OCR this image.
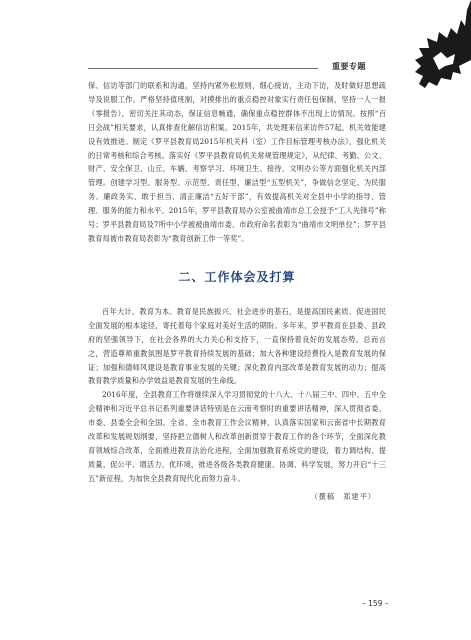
重要专题

保、信访等部门的联系和沟通，坚持内紧外松原则，细心接访，主动下访，及时做好思想疏导及说服工作。严格坚持值班制，对摸排出的重点稳控对象实行责任包保制，坚持一人一报（零报告），密切关注其动态，保证信息畅通，确保重点稳控群体不出现上访情况。按照“百日会战”相关要求，认真排查化解信访积案。2015年，共处理来信来访件57起，机关效能建设有效推进。制定《罗平县教育局2015年机关科（室）工作目标管理考核办法》，强化机关的日常考核和综合考核。落实好《罗平县教育局机关常规管理规定》，从纪律、考勤、公文、财产、安全保卫、山丘、车辆、考察学习、环境卫生、接待、文明办公等方面强化机关内部管理。创建学习型、服务型、示范型、责任型、廉洁型“五型机关”，争做信念坚定、为民服务、廉政务实、敢于担当、清正廉洁“五好干部”，有效提高机关对全县中小学的指导、管理、服务的能力和水平。2015年，罗平县教育局办公室被曲靖市总工会授予“工人先锋号”称号；罗平县教育局及7所中小学被被曲靖市委、市政府命名表彰为“曲靖市文明单位”；罗平县教育局被市教育局表彰为“教育创新工作一等奖”。

二、工作体会及打算

百年大计，教育为本。教育是民族振兴、社会进步的基石，是提高国民素质、促进国民全面发展的根本途径，寄托着每个家庭对美好生活的期盼。多年来，罗平教育在县委、县政府的坚强领导下，在社会各界的大力关心和支持下，一直保持着良好的发展态势。总而言之，营造尊师重教氛围是罗平教育持续发展的基础；加大各种建设经费投入是教育发展的保证；加强和德师风建设是教育事业发展的关键；深化教育内部改革是教育发展的动力；提高教育教学质量和办学效益是教育发展的生命线。

2016年度，全县教育工作将继续深入学习贯彻党的十八大、十八届三中、四中、五中全会精神和习近平总书记系列重要讲话特别是在云南考察时的重要讲话精神，深入贯彻省委、市委、县委全会和全国、全省、全市教育工作会议精神，认真落实国家和云南省中长期教育改革和发展规划纲要，坚持把立德树人和改革创新贯穿于教育工作的各个环节，全面深化教育领域综合改革，全面推进教育法治化进程，全面加强教育系统党的建设，着力调结构、提质量、促公平、增活力、优环境，推进各级各类教育健康、协调、科学发展，努力开启“十三五”新征程，为加快全县教育现代化而努力奋斗。

（撰稿　郑建平）
– 159 –
